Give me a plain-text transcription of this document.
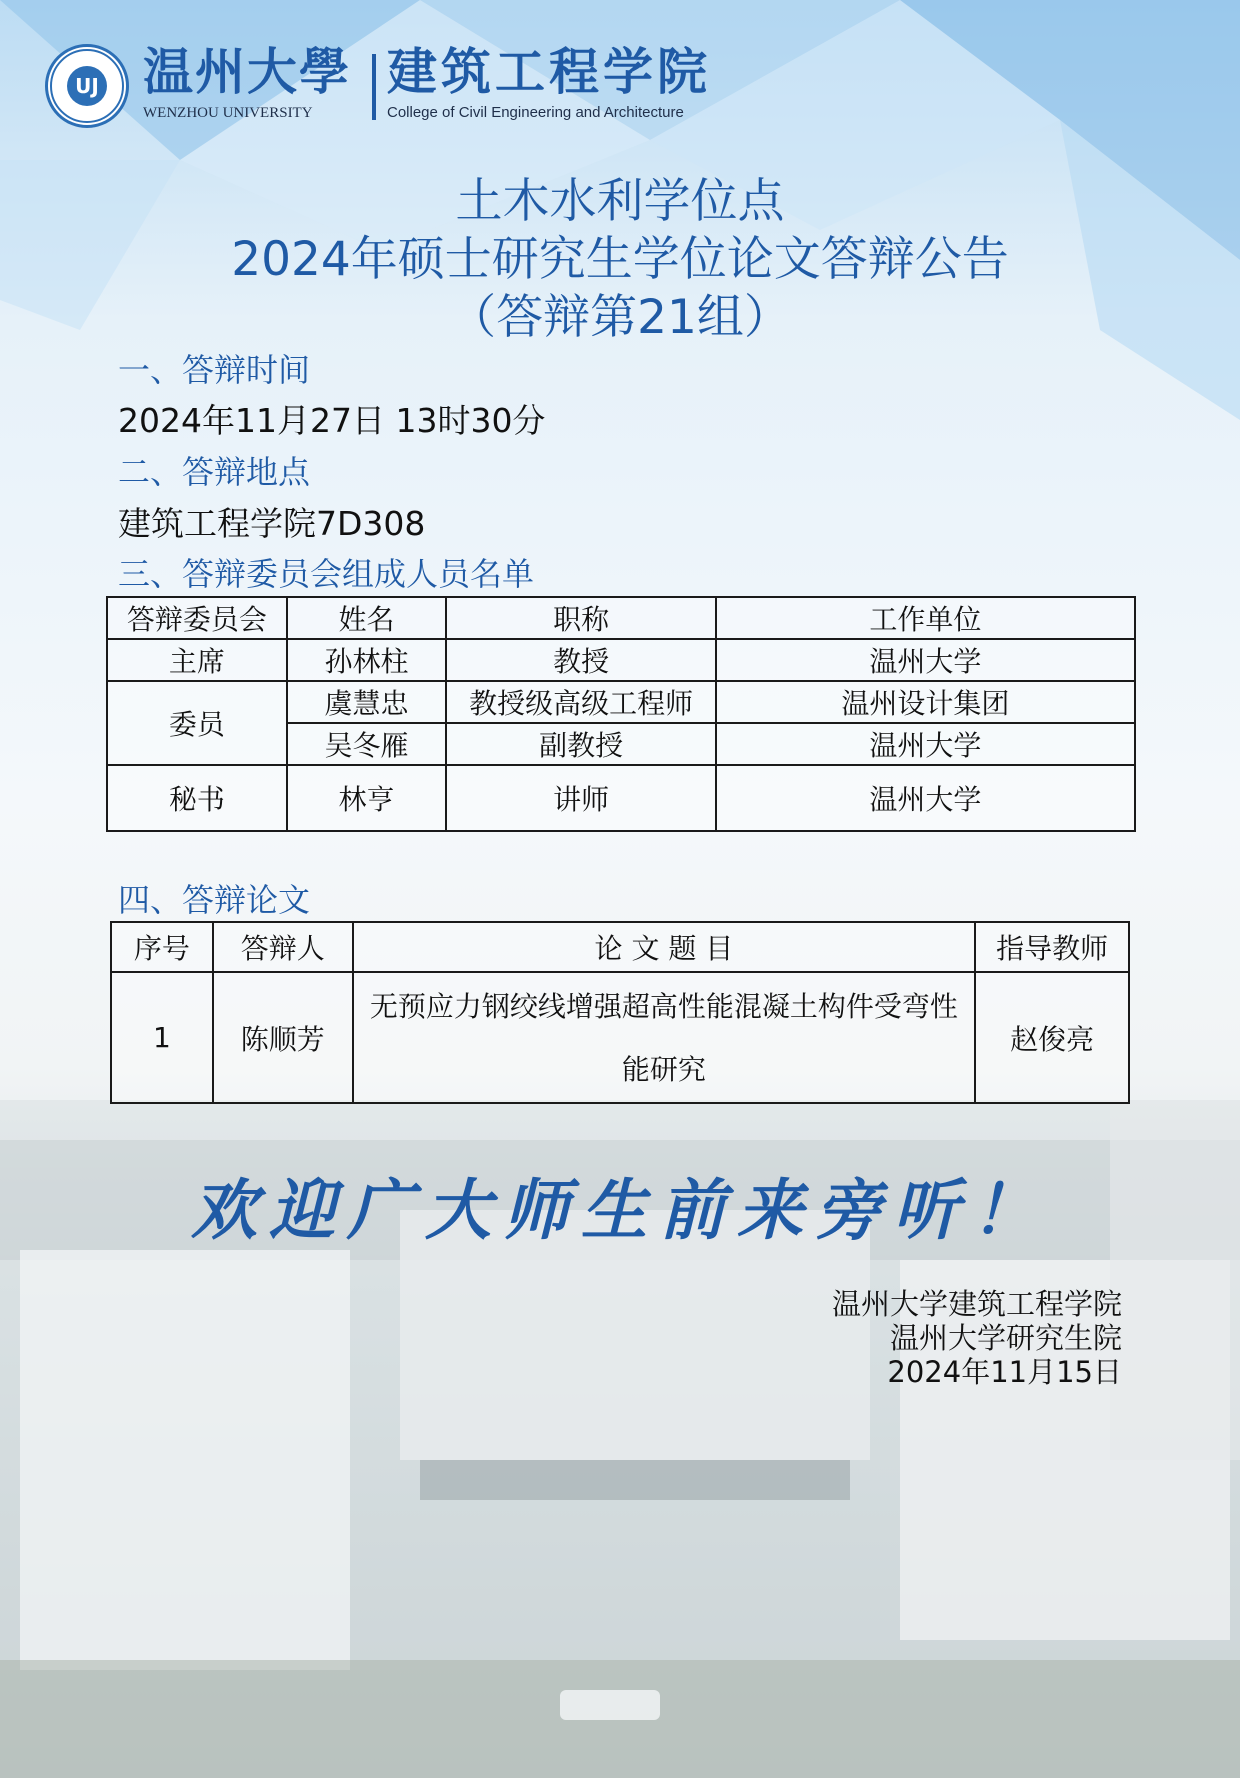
UJ 温州大學
WENZHOU UNIVERSITY
建筑工程学院
College of Civil Engineering and Architecture
土木水利学位点
2024年硕士研究生学位论文答辩公告
（答辩第21组）
一、答辩时间
2024年11月27日 13时30分
二、答辩地点
建筑工程学院7D308
三、答辩委员会组成人员名单
答辩委员会	姓名	职称	工作单位
主席	孙林柱	教授	温州大学
委员	虞慧忠	教授级高级工程师	温州设计集团
	吴冬雁	副教授	温州大学
秘书	林亨	讲师	温州大学
四、答辩论文
序号	答辩人	论 文 题 目	指导教师
1	陈顺芳	无预应力钢绞线增强超高性能混凝土构件受弯性能研究	赵俊亮
欢迎广大师生前来旁听！
温州大学建筑工程学院
温州大学研究生院
2024年11月15日
